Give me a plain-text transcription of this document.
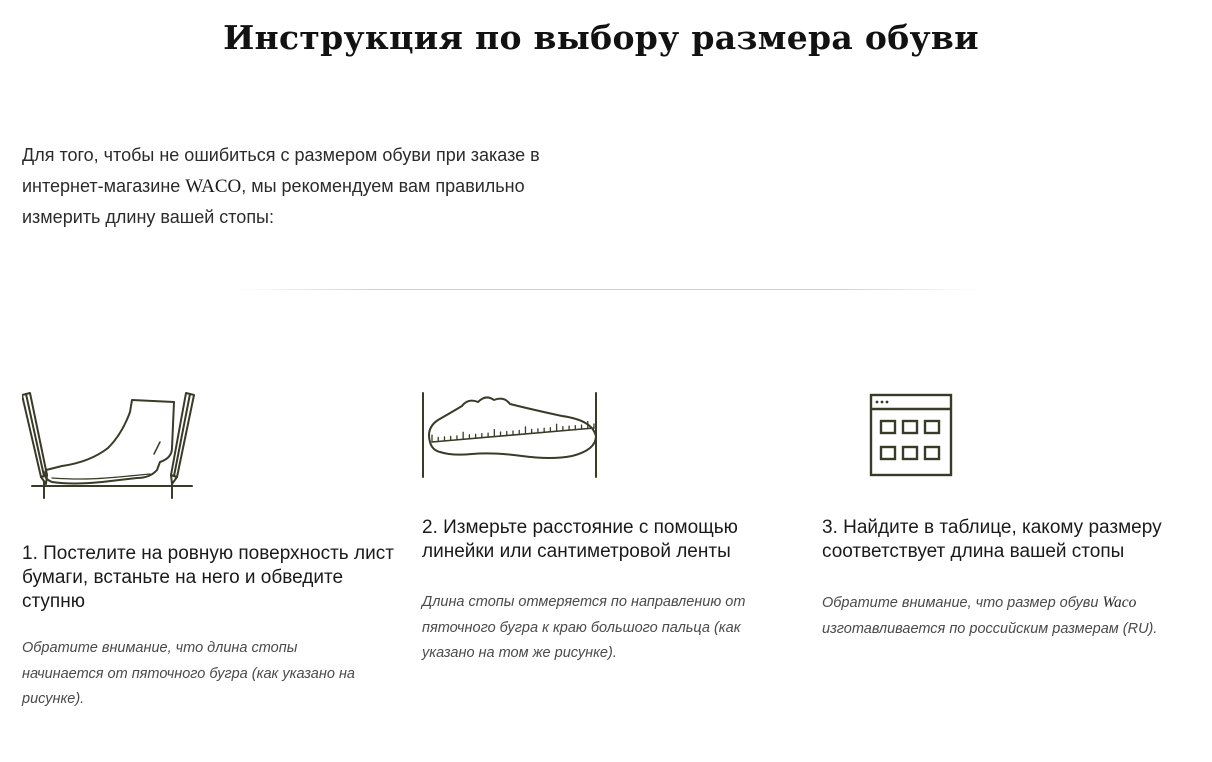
Инструкция по выбору размера обуви

Для того, чтобы не ошибиться с размером обуви при заказе в интернет-магазине WACO, мы рекомендуем вам правильно измерить длину вашей стопы:

1. Постелите на ровную поверхность лист бумаги, встаньте на него и обведите ступню
Обратите внимание, что длина стопы начинается от пяточного бугра (как указано на рисунке).
2. Измерьте расстояние с помощью линейки или сантиметровой ленты
Длина стопы отмеряется по направлению от пяточного бугра к краю большого пальца (как указано на том же рисунке).
3. Найдите в таблице, какому размеру соответствует длина вашей стопы
Обратите внимание, что размер обуви Waco изготавливается по российским размерам (RU).
